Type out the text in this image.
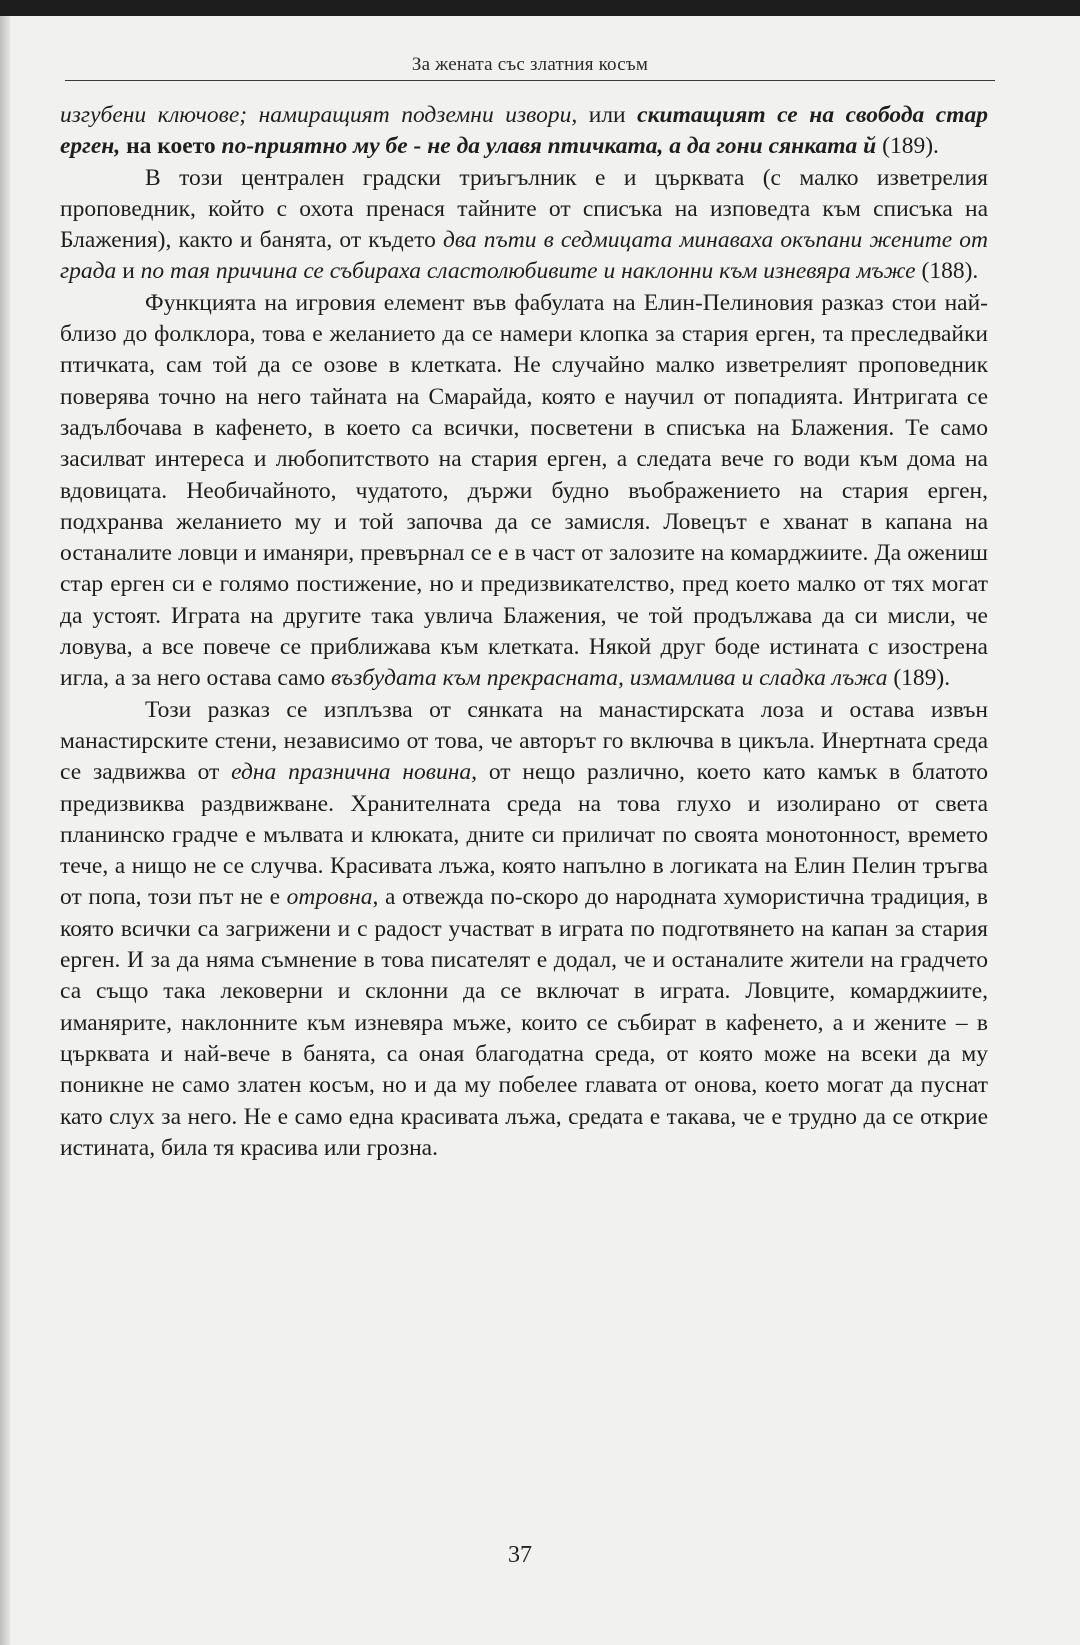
За жената със златния косъм

изгубени ключове; намиращият подземни извори, или скитащият се на свобода стар ерген, на което по-приятно му бе - не да улавя птичката, а да гони сянката й (189).

В този централен градски триъгълник е и църквата (с малко изветрелия проповедник, който с охота пренася тайните от списъка на изповедта към списъка на Блажения), както и банята, от където два пъти в седмицата минаваха окъпани жените от града и по тая причина се събираха сластолюбивите и наклонни към изневяра мъже (188).

Функцията на игровия елемент във фабулата на Елин-Пелиновия разказ стои най-близо до фолклора, това е желанието да се намери клопка за стария ерген, та преследвайки птичката, сам той да се озове в клетката. Не случайно малко изветрелият проповедник поверява точно на него тайната на Смарайда, която е научил от попадията. Интригата се задълбочава в кафенето, в което са всички, посветени в списъка на Блажения. Те само засилват интереса и любопитството на стария ерген, а следата вече го води към дома на вдовицата. Необичайното, чудатото, държи будно въображението на стария ерген, подхранва желанието му и той започва да се замисля. Ловецът е хванат в капана на останалите ловци и иманяри, превърнал се е в част от залозите на комарджиите. Да ожениш стар ерген си е голямо постижение, но и предизвикателство, пред което малко от тях могат да устоят. Играта на другите така увлича Блажения, че той продължава да си мисли, че ловува, а все повече се приближава към клетката. Някой друг боде истината с изострена игла, а за него остава само възбудата към прекрасната, измамлива и сладка лъжа (189).

Този разказ се изплъзва от сянката на манастирската лоза и остава извън манастирските стени, независимо от това, че авторът го включва в цикъла. Инертната среда се задвижва от една празнична новина, от нещо различно, което като камък в блатото предизвиква раздвижване. Хранителната среда на това глухо и изолирано от света планинско градче е мълвата и клюката, дните си приличат по своята монотонност, времето тече, а нищо не се случва. Красивата лъжа, която напълно в логиката на Елин Пелин тръгва от попа, този път не е отровна, а отвежда по-скоро до народната хумористична традиция, в която всички са загрижени и с радост участват в играта по подготвянето на капан за стария ерген. И за да няма съмнение в това писателят е додал, че и останалите жители на градчето са също така лековерни и склонни да се включат в играта. Ловците, комарджиите, иманярите, наклонните към изневяра мъже, които се събират в кафенето, а и жените – в църквата и най-вече в банята, са оная благодатна среда, от която може на всеки да му поникне не само златен косъм, но и да му побелее главата от онова, което могат да пуснат като слух за него. Не е само една красивата лъжа, средата е такава, че е трудно да се открие истината, била тя красива или грозна.

37
